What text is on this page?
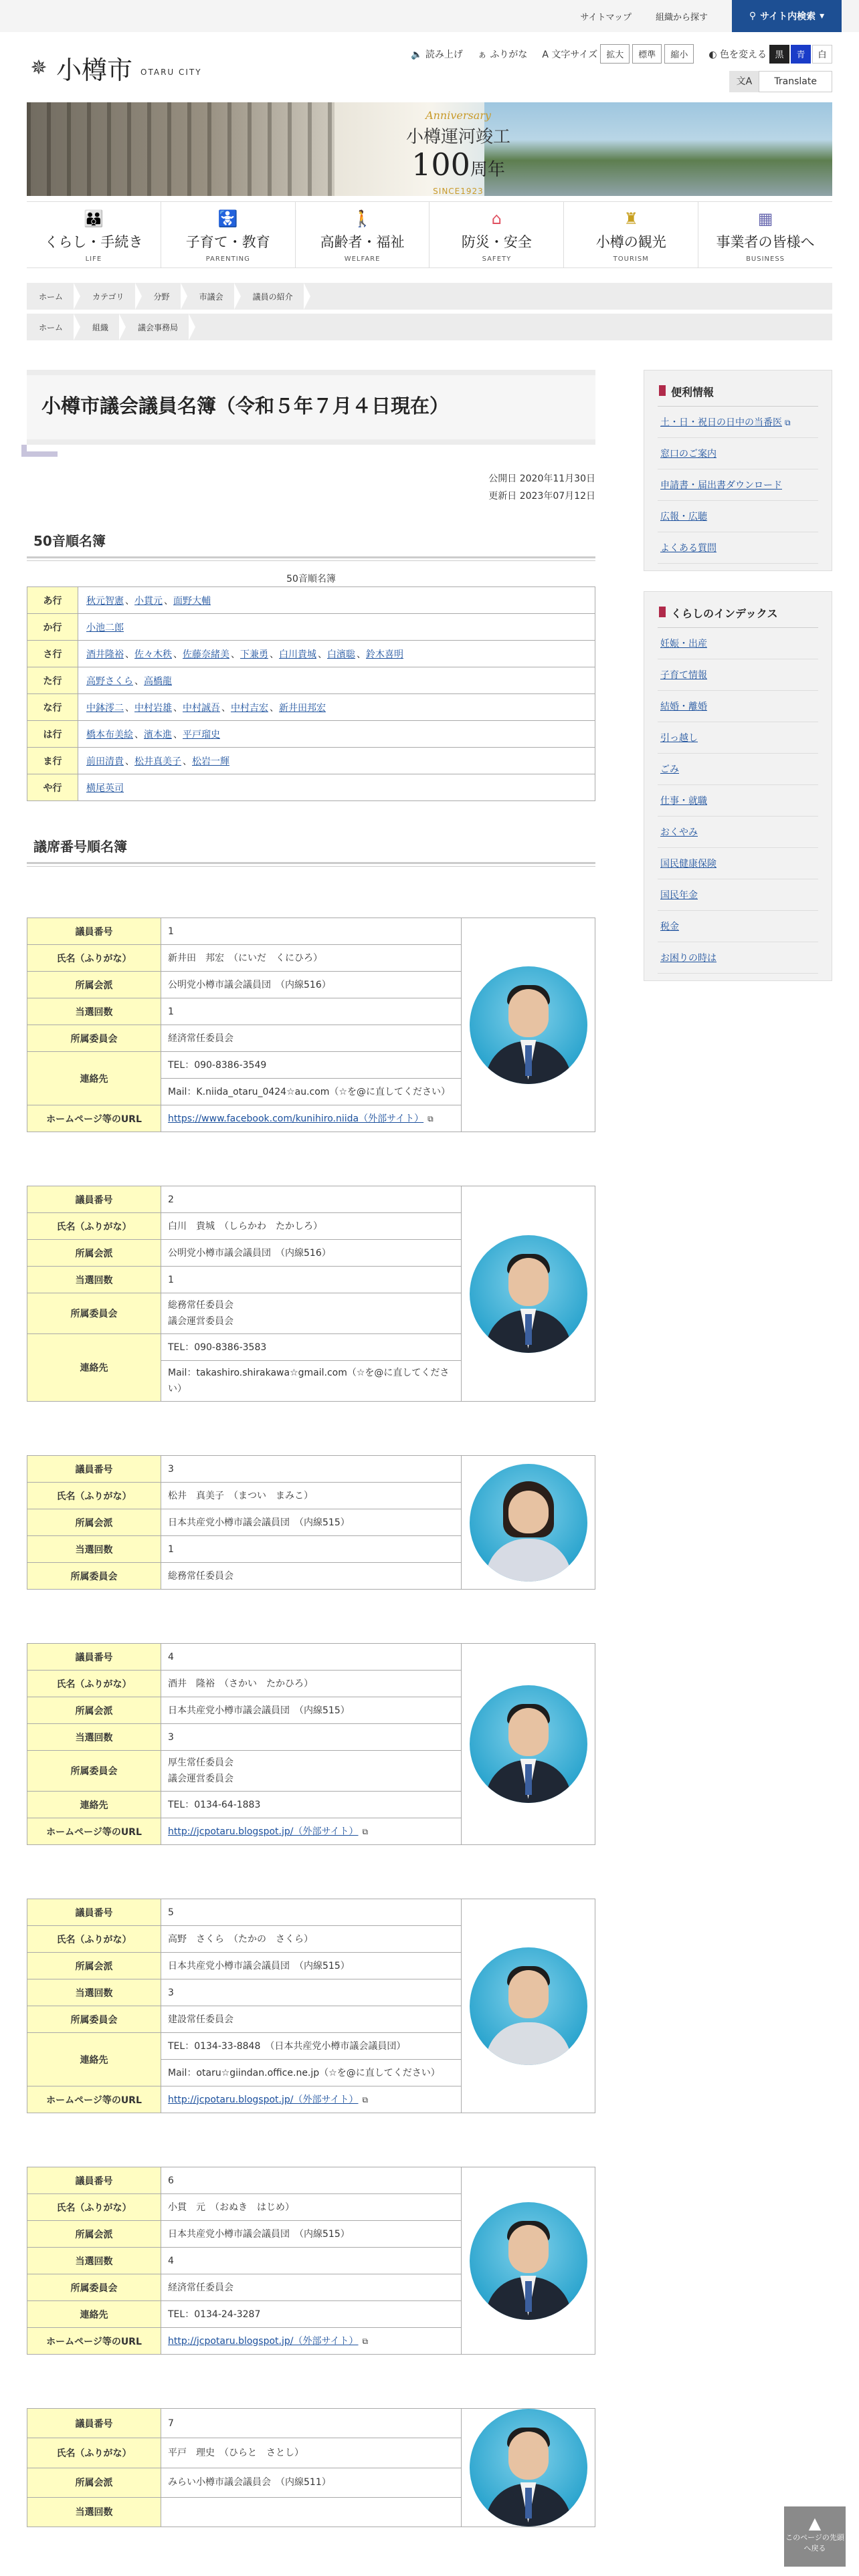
サイトマップ	組織から探す	⚲ サイト内検索 ▾
✵ 小樽市 OTARU CITY
🔈 読み上げ ぁ ふりがな A 文字サイズ	拡大	標準	縮小	◐ 色を変える 黒	青	白
文A	Translate
Anniversary
小樽運河竣工
100周年
SINCE1923
👪
くらし・手続き
LIFE
🚼
子育て・教育
PARENTING
🚶
高齢者・福祉
WELFARE
⌂
防災・安全
SAFETY
♜
小樽の観光
TOURISM
▦
事業者の皆様へ
BUSINESS
ホーム	カテゴリ	分野	市議会	議員の紹介
ホーム	組織	議会事務局
小樽市議会議員名簿（令和５年７月４日現在）
公開日 2020年11月30日
更新日 2023年07月12日
50音順名簿
50音順名簿
あ行	秋元智憲 、小貫元 、面野大輔
か行	小池二郎
さ行	酒井隆裕 、佐々木秩 、佐藤奈緒美 、下兼勇 、白川貴城 、白濱聡 、鈴木喜明
た行	高野さくら 、高橋龍
な行	中鉢澪二 、中村岩雄 、中村誠吾 、中村吉宏 、新井田邦宏
は行	橋本布美絵 、濱本進 、平戸瑠史
ま行	前田清貴 、松井真美子 、松岩一輝
や行	横尾英司
議席番号順名簿
議員番号	1
氏名（ふりがな）	新井田　邦宏　（にいだ　くにひろ）
所属会派	公明党小樽市議会議員団　（内線516）
当選回数	1
所属委員会	経済常任委員会

連絡先	TEL：090-8386-3549
	Mail：K.niida_otaru_0424☆au.com（☆を@に直してください）
ホームページ等のURL	https://www.facebook.com/kunihiro.niida（外部サイト） ⧉
議員番号	2
氏名（ふりがな）	白川　貴城　（しらかわ　たかしろ）
所属会派	公明党小樽市議会議員団　（内線516）
当選回数	1
所属委員会	総務常任委員会
議会運営委員会

連絡先	TEL：090-8386-3583
	Mail：takashiro.shirakawa☆gmail.com（☆を@に直してください）
議員番号	3
氏名（ふりがな）	松井　真美子　（まつい　まみこ）
所属会派	日本共産党小樽市議会議員団　（内線515）
当選回数	1
所属委員会	総務常任委員会
議員番号	4
氏名（ふりがな）	酒井　隆裕　（さかい　たかひろ）
所属会派	日本共産党小樽市議会議員団　（内線515）
当選回数	3
所属委員会	厚生常任委員会
議会運営委員会

連絡先	TEL：0134-64-1883
ホームページ等のURL	http://jcpotaru.blogspot.jp/（外部サイト） ⧉
議員番号	5
氏名（ふりがな）	高野　さくら　（たかの　さくら）
所属会派	日本共産党小樽市議会議員団　（内線515）
当選回数	3
所属委員会	建設常任委員会

連絡先	TEL：0134-33-8848　（日本共産党小樽市議会議員団）
	Mail：otaru☆giindan.office.ne.jp（☆を@に直してください）
ホームページ等のURL	http://jcpotaru.blogspot.jp/（外部サイト） ⧉
議員番号	6
氏名（ふりがな）	小貫　元　（おぬき　はじめ）
所属会派	日本共産党小樽市議会議員団　（内線515）
当選回数	4
所属委員会	経済常任委員会

連絡先	TEL：0134-24-3287
ホームページ等のURL	http://jcpotaru.blogspot.jp/（外部サイト） ⧉
議員番号	7
氏名（ふりがな）	平戸　理史　（ひらと　さとし）
所属会派	みらい小樽市議会議員会　（内線511）
当選回数	
便利情報
土・日・祝日の日中の当番医 ⧉
窓口のご案内
申請書・届出書ダウンロード
広報・広聴
よくある質問
くらしのインデックス
妊娠・出産
子育て情報
結婚・離婚
引っ越し
ごみ
仕事・就職
おくやみ
国民健康保険
国民年金
税金
お困りの時は
▲
このページの先頭へ戻る
